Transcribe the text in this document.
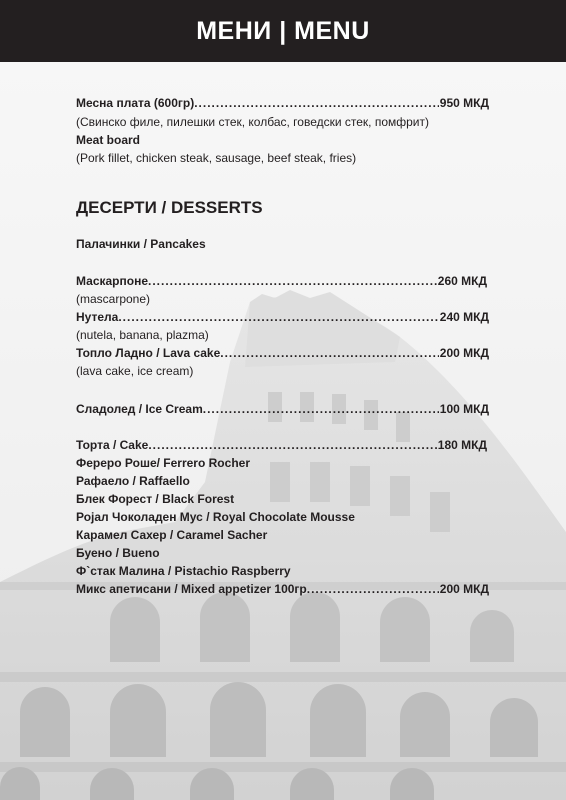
МЕНИ | MENU
Месна плата (600гр) .....	950 МКД
(Свинско филе, пилешки стек, колбас, говедски стек, помфрит)
Meat board
(Pork fillet, chicken steak, sausage, beef steak, fries)
ДЕСЕРТИ / DESSERTS
Палачинки / Pancakes
Маскарпоне .....	260 МКД
(mascarpone)
Нутела .....	240 МКД
(nutela, banana, plazma)
Топло Ладно / Lava cake .....	200 МКД
(lava cake, ice cream)
Сладолед / Ice Cream .....	100 МКД
Торта / Cake .....	180 МКД
Фереро Роше/ Ferrero Rocher
Рафаело / Raffaello
Блек Форест / Black Forest
Ројал Чоколаден Мус / Royal Chocolate Mousse
Карамел Сахер / Caramel Sacher
Буено / Bueno
Ф`стак Малина / Pistachio Raspberry
Микс апетисани / Mixed appetizer 100гр .....	200 МКД
